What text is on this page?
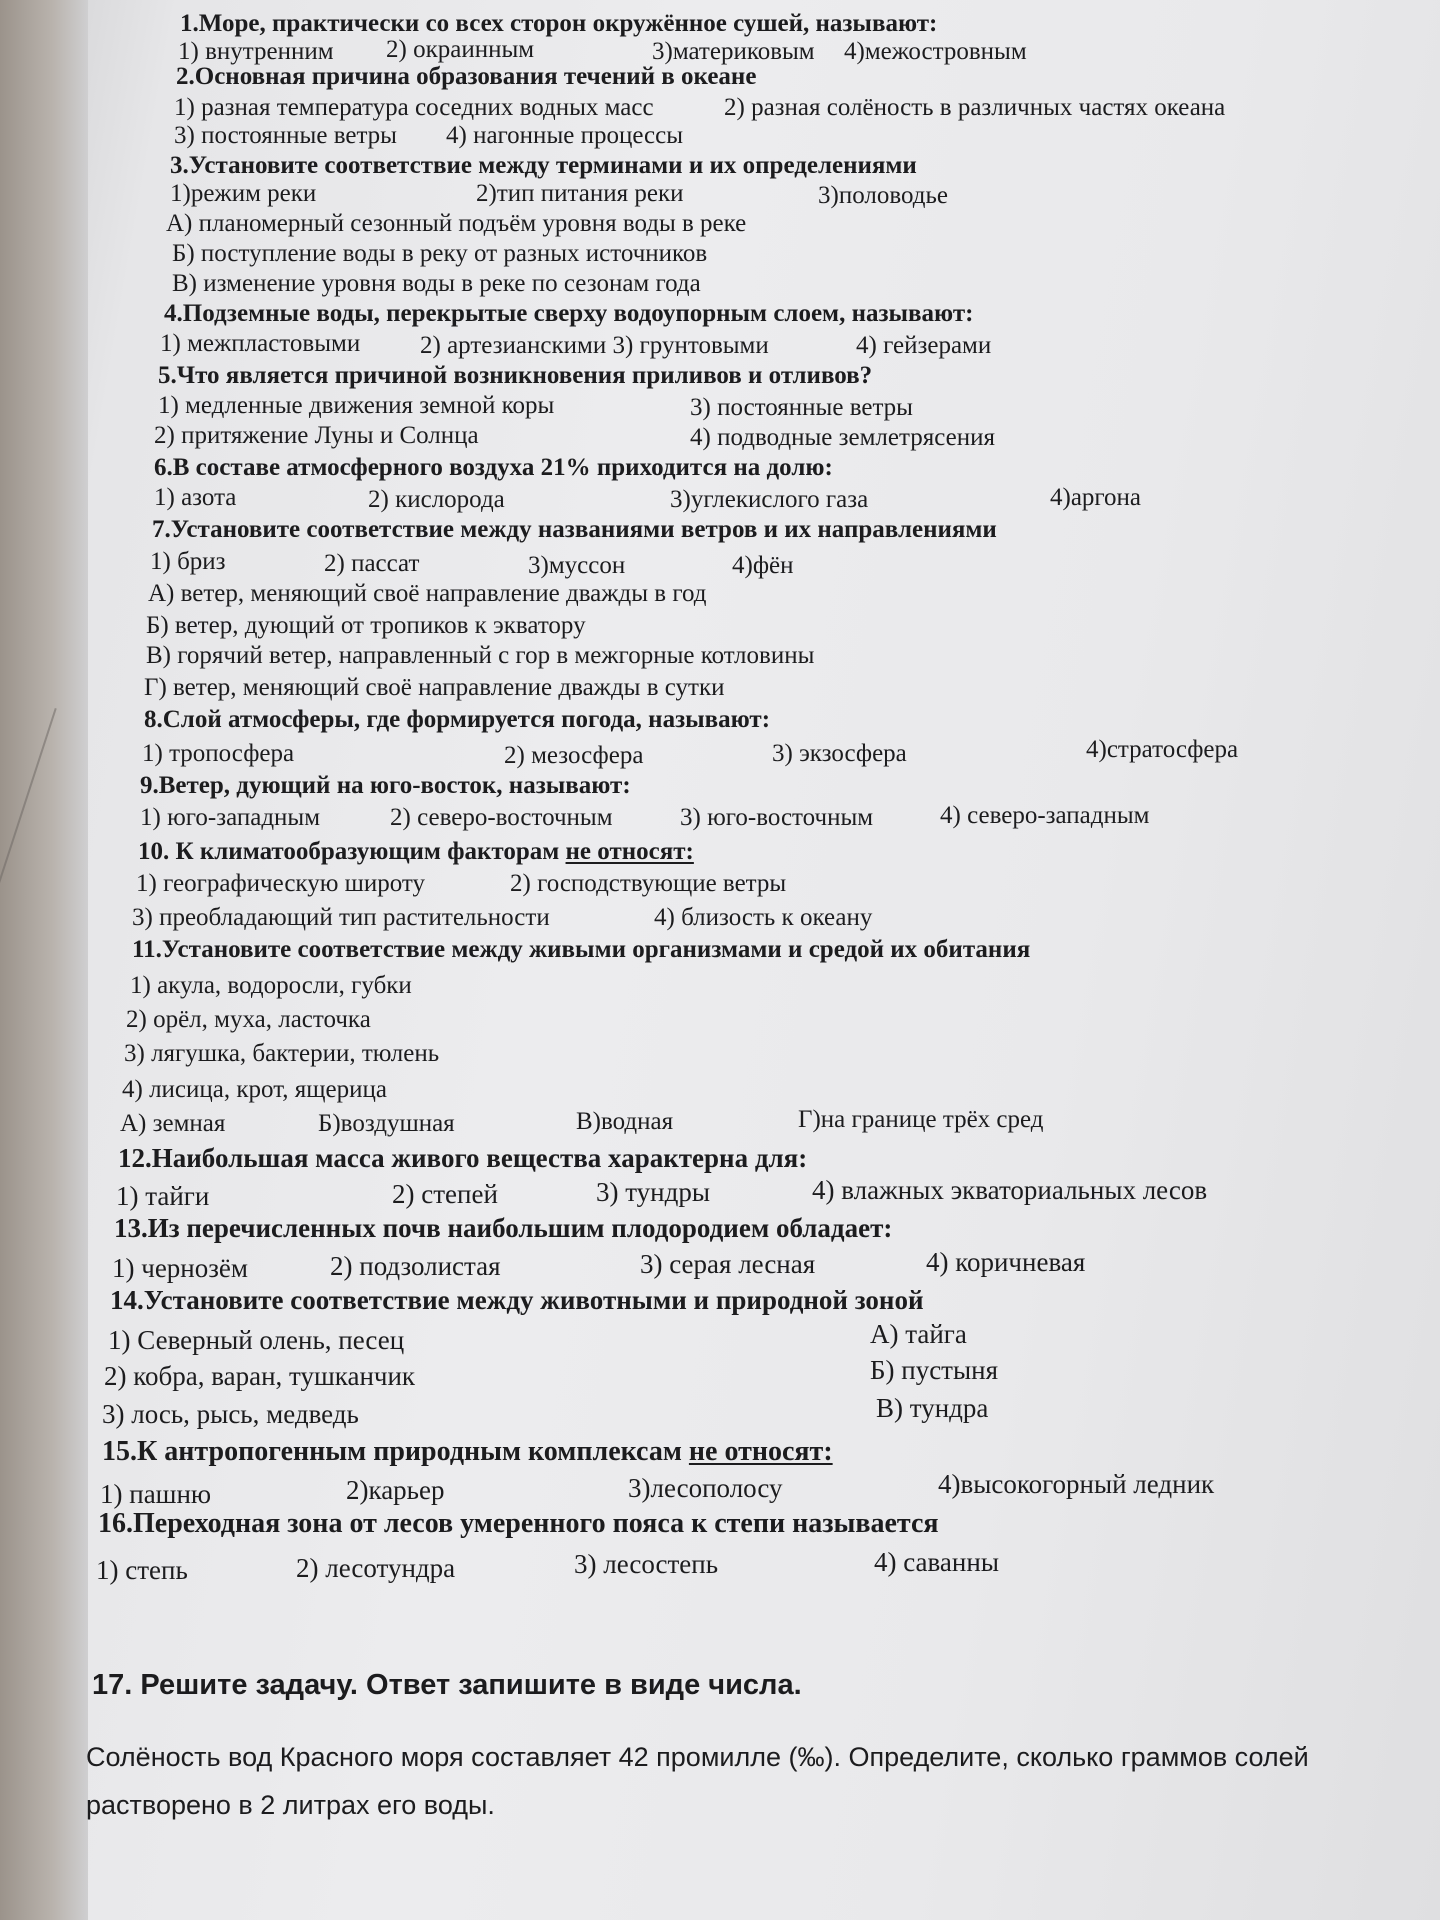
1.Море, практически со всех сторон окружённое сушей, называют:
1) внутренним 2) окраинным	3)материковым 4)межостровным
2.Основная причина образования течений в океане
1) разная температура соседних водных масс	2) разная солёность в различных частях океана
3) постоянные ветры 4) нагонные процессы
3.Установите соответствие между терминами и их определениями
1)режим реки	2)тип питания реки	3)половодье
А) планомерный сезонный подъём уровня воды в реке
Б) поступление воды в реку от разных источников
В) изменение уровня воды в реке по сезонам года
4.Подземные воды, перекрытые сверху водоупорным слоем, называют:
1) межпластовыми 2) артезианскими 3) грунтовыми	4) гейзерами
5.Что является причиной возникновения приливов и отливов?
1) медленные движения земной коры	3) постоянные ветры
2) притяжение Луны и Солнца	4) подводные землетрясения
6.В составе атмосферного воздуха 21% приходится на долю:
1) азота	2) кислорода	3)углекислого газа	4)аргона
7.Установите соответствие между названиями ветров и их направлениями
1) бриз	2) пассат	3)муссон	4)фён
А) ветер, меняющий своё направление дважды в год
Б) ветер, дующий от тропиков к экватору
В) горячий ветер, направленный с гор в межгорные котловины
Г) ветер, меняющий своё направление дважды в сутки
8.Слой атмосферы, где формируется погода, называют:
1) тропосфера	2) мезосфера	3) экзосфера	4)стратосфера
9.Ветер, дующий на юго-восток, называют:
1) юго-западным	2) северо-восточным	3) юго-восточным	4) северо-западным
10. К климатообразующим факторам не относят:
1) географическую широту	2) господствующие ветры
3) преобладающий тип растительности	4) близость к океану
11.Установите соответствие между живыми организмами и средой их обитания
1) акула, водоросли, губки
2) орёл, муха, ласточка
3) лягушка, бактерии, тюлень
4) лисица, крот, ящерица
А) земная	Б)воздушная	В)водная	Г)на границе трёх сред
12.Наибольшая масса живого вещества характерна для:
1) тайги	2) степей	3) тундры	4) влажных экваториальных лесов
13.Из перечисленных почв наибольшим плодородием обладает:
1) чернозём	2) подзолистая	3) серая лесная	4) коричневая
14.Установите соответствие между животными и природной зоной
1) Северный олень, песец
2) кобра, варан, тушканчик
3) лось, рысь, медведь
А) тайга
Б) пустыня
В) тундра
15.К антропогенным природным комплексам не относят:
1) пашню	2)карьер	3)лесополосу	4)высокогорный ледник
16.Переходная зона от лесов умеренного пояса к степи называется
1) степь	2) лесотундра	3) лесостепь	4) саванны
17. Решите задачу. Ответ запишите в виде числа.
Солёность вод Красного моря составляет 42 промилле (‰). Определите, сколько граммов солей
растворено в 2 литрах его воды.
